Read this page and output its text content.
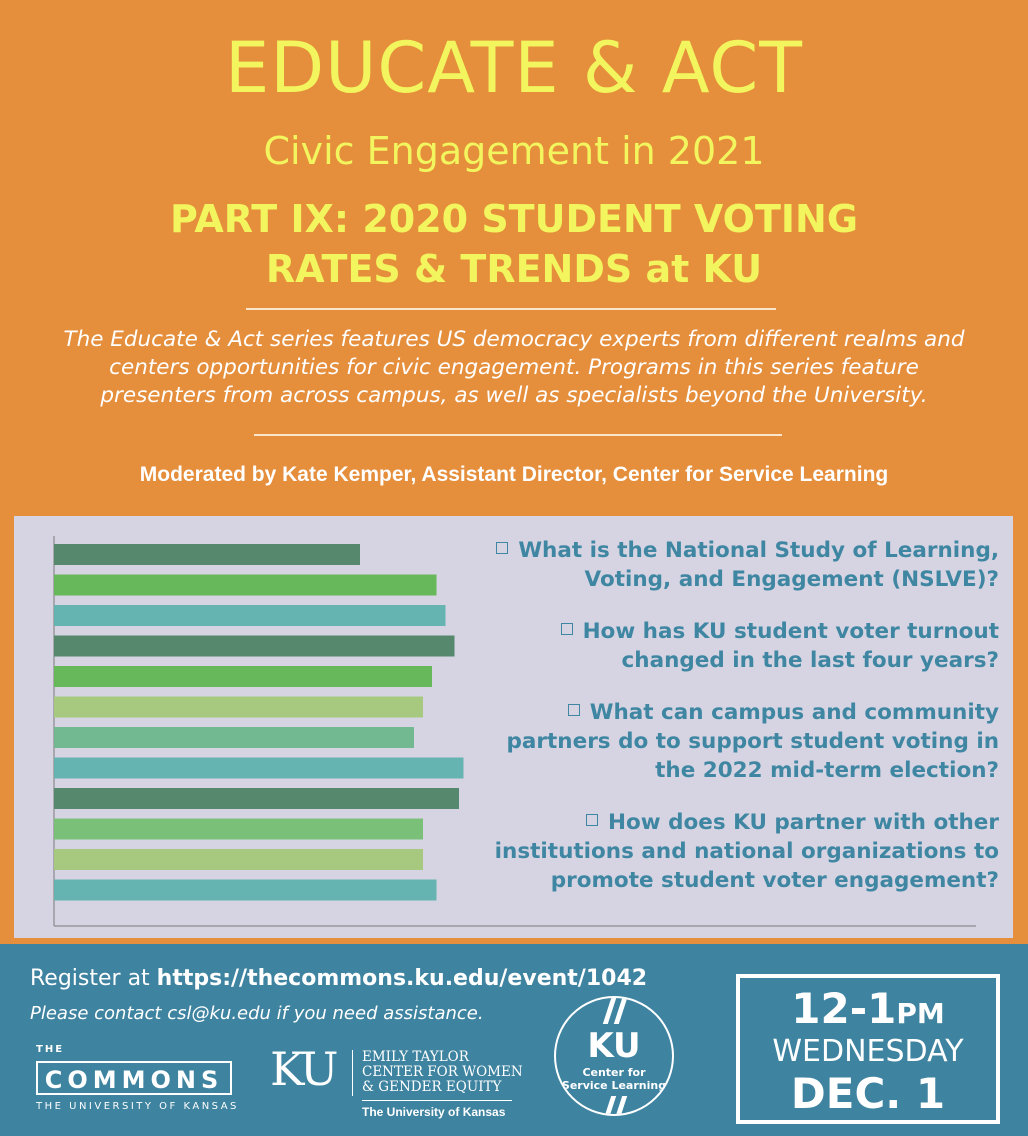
EDUCATE & ACT
Civic Engagement in 2021
PART IX: 2020 STUDENT VOTING
RATES & TRENDS at KU
The Educate & Act series features US democracy experts from different realms and
centers opportunities for civic engagement. Programs in this series feature
presenters from across campus, as well as specialists beyond the University.
Moderated by Kate Kemper, Assistant Director, Center for Service Learning
What is the National Study of Learning,
Voting, and Engagement (NSLVE)?
How has KU student voter turnout
changed in the last four years?
What can campus and community
partners do to support student voting in
the 2022 mid-term election?
How does KU partner with other
institutions and national organizations to
promote student voter engagement?
Register at https://thecommons.ku.edu/event/1042
Please contact csl@ku.edu if you need assistance.
THE
COMMONS
THE UNIVERSITY OF KANSAS
KU EMILY TAYLOR
CENTER FOR WOMEN
& GENDER EQUITY
The University of Kansas
KU
Center for
Service Learning
12-1PM
WEDNESDAY
DEC. 1
